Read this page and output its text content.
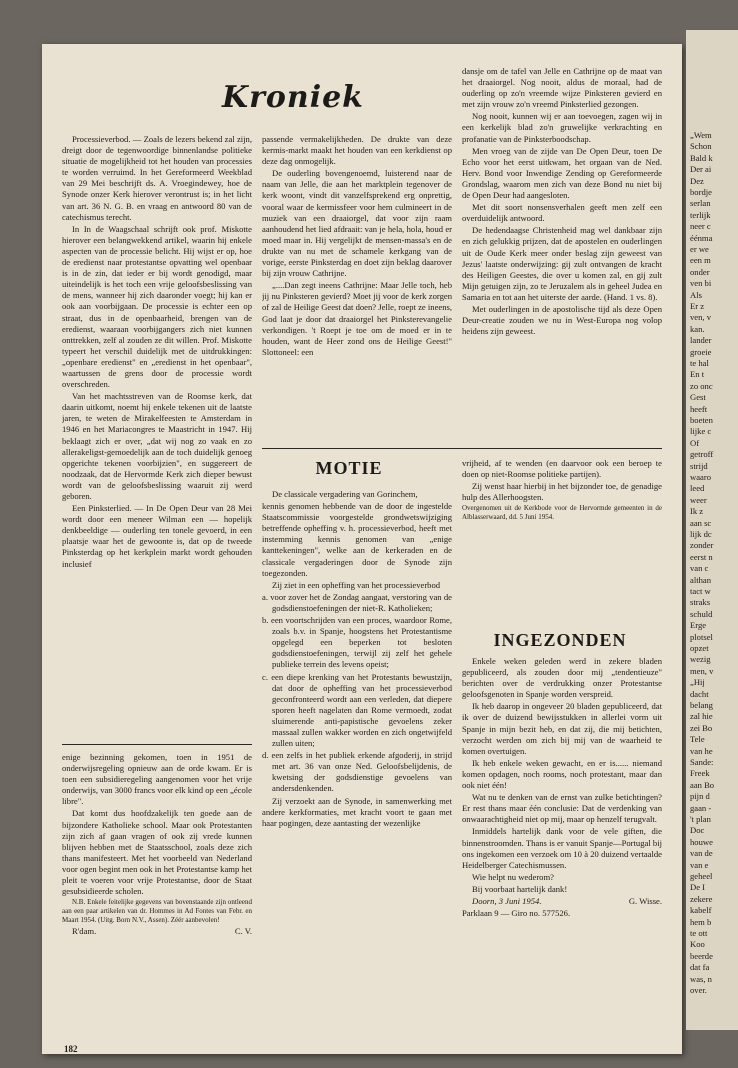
Kroniek

Processieverbod. — Zoals de lezers bekend zal zijn, dreigt door de tegenwoordige binnenlandse politieke situatie de mogelijkheid tot het houden van processies te worden verruimd. In het Gereformeerd Weekblad van 29 Mei beschrijft ds. A. Vroegindewey, hoe de Synode onzer Kerk hierover verontrust is; in het licht van art. 36 N. G. B. en vraag en antwoord 80 van de catechismus terecht.

In In de Waagschaal schrijft ook prof. Miskotte hierover een belangwekkend artikel, waarin hij enkele aspecten van de processie belicht. Hij wijst er op, hoe de eredienst naar protestantse opvatting wel openbaar is in de zin, dat ieder er bij wordt genodigd, maar uiteindelijk is het toch een vrije geloofsbeslissing van de mens, wanneer hij zich daaronder voegt; hij kan er ook aan voorbijgaan. De processie is echter een op straat, dus in de openbaarheid, brengen van de eredienst, waaraan voorbijgangers zich niet kunnen onttrekken, zelf al zouden ze dit willen. Prof. Miskotte typeert het verschil duidelijk met de uitdrukkingen: „openbare eredienst" en „eredienst in het openbaar", waartussen de grens door de processie wordt overschreden.

Van het machtsstreven van de Roomse kerk, dat daarin uitkomt, noemt hij enkele tekenen uit de laatste jaren, te weten de Mirakelfeesten te Amsterdam in 1946 en het Mariacongres te Maastricht in 1947. Hij beklaagt zich er over, „dat wij nog zo vaak en zo allerakeligst-gemoedelijk aan de toch duidelijk genoeg opgerichte tekenen voorbijzien", en suggereert de noodzaak, dat de Hervormde Kerk zich dieper bewust wordt van de geloofsbeslissing waaruit zij werd geboren.

Een Pinksterlied. — In De Open Deur van 28 Mei wordt door een meneer Wilman een — hopelijk denkbeeldige — ouderling ten tonele gevoerd, in een plaatsje waar het de gewoonte is, dat op de tweede Pinksterdag op het kerkplein markt wordt gehouden inclusief

passende vermakelijkheden. De drukte van deze kermis-markt maakt het houden van een kerkdienst op deze dag onmogelijk.

De ouderling bovengenoemd, luisterend naar de naam van Jelle, die aan het marktplein tegenover de kerk woont, vindt dit vanzelfsprekend erg onprettig, vooral waar de kermissfeer voor hem culmineert in de muziek van een draaiorgel, dat voor zijn raam aanhoudend het lied afdraait: van je hela, hola, houd er moed maar in. Hij vergelijkt de mensen-massa's en de drukte van nu met de schamele kerkgang van de vorige, eerste Pinksterdag en doet zijn beklag daarover bij zijn vrouw Cathrijne.

„....Dan zegt ineens Cathrijne: Maar Jelle toch, heb jij nu Pinksteren gevierd? Moet jij voor de kerk zorgen of zal de Heilige Geest dat doen? Jelle, roept ze ineens, God laat je door dat draaiorgel het Pinksterevangelie verkondigen. 't Roept je toe om de moed er in te houden, want de Heer zond ons de Heilige Geest!" Slottoneel: een

dansje om de tafel van Jelle en Cathrijne op de maat van het draaiorgel. Nog nooit, aldus de moraal, had de ouderling op zo'n vreemde wijze Pinksteren gevierd en met zijn vrouw zo'n vreemd Pinksterlied gezongen.

Nog nooit, kunnen wij er aan toevoegen, zagen wij in een kerkelijk blad zo'n gruwelijke verkrachting en profanatie van de Pinksterboodschap.

Men vroeg van de zijde van De Open Deur, toen De Echo voor het eerst uitkwam, het orgaan van de Ned. Herv. Bond voor Inwendige Zending op Gereformeerde Grondslag, waarom men zich van deze Bond nu niet bij de Open Deur had aangesloten.

Met dit soort nonsensverhalen geeft men zelf een overduidelijk antwoord.

De hedendaagse Christenheid mag wel dankbaar zijn en zich gelukkig prijzen, dat de apostelen en ouderlingen uit de Oude Kerk meer onder beslag zijn geweest van Jezus' laatste onderwijzing: gij zult ontvangen de kracht des Heiligen Geestes, die over u komen zal, en gij zult Mijn getuigen zijn, zo te Jeruzalem als in geheel Judea en Samaria en tot aan het uiterste der aarde. (Hand. 1 vs. 8).

Met ouderlingen in de apostolische tijd als deze Open Deur-creatie zouden we nu in West-Europa nog volop heidens zijn geweest.

MOTIE

enige bezinning gekomen, toen in 1951 de onderwijsregeling opnieuw aan de orde kwam. Er is toen een subsidieregeling aangenomen voor het vrije onderwijs, van 3000 francs voor elk kind op een „école libre".

Dat komt dus hoofdzakelijk ten goede aan de bijzondere Katholieke school. Maar ook Protestanten zijn zich af gaan vragen of ook zij vrede kunnen blijven hebben met de Staatsschool, zoals deze zich thans manifesteert. Met het voorbeeld van Nederland voor ogen begint men ook in het Protestantse kamp het pleit te voeren voor vrije Protestantse, door de Staat gesubsidieerde scholen.

N.B. Enkele feitelijke gegevens van bovenstaande zijn ontleend aan een paar artikelen van dr. Hommes in Ad Fontes van Febr. en Maart 1954. (Uitg. Born N.V., Assen). Zéér aanbevolen!

R'dam.	C. V.

De classicale vergadering van Gorinchem,

kennis genomen hebbende van de door de ingestelde Staatscommissie voorgestelde grondwetswijziging betreffende opheffing v. h. processieverbod, heeft met instemming kennis genomen van „enige kanttekeningen", welke aan de kerkeraden en de classicale vergaderingen door de Synode zijn toegezonden.

Zij ziet in een opheffing van het processieverbod

a. voor zover het de Zondag aangaat, verstoring van de godsdienstoefeningen der niet-R. Katholieken;

b. een voortschrijden van een proces, waardoor Rome, zoals b.v. in Spanje, hoogstens het Protestantisme opgelegd een beperken tot besloten godsdienstoefeningen, terwijl zij zelf het gehele publieke terrein des levens opeist;

c. een diepe krenking van het Protestants bewustzijn, dat door de opheffing van het processieverbod geconfronteerd wordt aan een verleden, dat diepere sporen heeft nagelaten dan Rome vermoedt, zodat sluimerende anti-papistische gevoelens zeker massaal zullen wakker worden en zich ongetwijfeld zullen uiten;

d. een zelfs in het publiek erkende afgoderij, in strijd met art. 36 van onze Ned. Geloofsbelijdenis, de kwetsing der godsdienstige gevoelens van andersdenkenden.

Zij verzoekt aan de Synode, in samenwerking met andere kerkformaties, met kracht voort te gaan met haar pogingen, deze aantasting der wezenlijke

vrijheid, af te wenden (en daarvoor ook een beroep te doen op niet-Roomse politieke partijen).

Zij wenst haar hierbij in het bijzonder toe, de genadige hulp des Allerhoogsten.

Overgenomen uit de Kerkbode voor de Hervormde gemeenten in de Alblasserwaard, dd. 5 Juni 1954.

INGEZONDEN

Enkele weken geleden werd in zekere bladen gepubliceerd, als zouden door mij „tendentieuze" berichten over de verdrukking onzer Protestantse geloofsgenoten in Spanje worden verspreid.

Ik heb daarop in ongeveer 20 bladen gepubliceerd, dat ik over de duizend bewijsstukken in allerlei vorm uit Spanje in mijn bezit heb, en dat zij, die mij betichten, verzocht werden om zich bij mij van de waarheid te komen overtuigen.

Ik heb enkele weken gewacht, en er is...... niemand komen opdagen, noch rooms, noch protestant, maar dan ook niet één!

Wat nu te denken van de ernst van zulke betichtingen? Er rest thans maar één conclusie: Dat de verdenking van onwaarachtigheid niet op mij, maar op henzelf terugvalt.

Inmiddels hartelijk dank voor de vele giften, die binnenstroomden. Thans is er vanuit Spanje—Portugal bij ons ingekomen een verzoek om 10 à 20 duizend vertaalde Heidelberger Catechismussen.

Wie helpt nu wederom?

Bij voorbaat hartelijk dank!

Doorn, 3 Juni 1954.	G. Wisse.

Parklaan 9 — Giro no. 577526.

182
„Wem
Schon
Bald k
Der ai
Dez
bordje
serlan
terlijk
neer c
éénma
er we
een m
onder
ven bi
Als
Er z
ven, v
kan.
lander
groeie
te hal
En t
zo onc
Gest
heeft
boeten
lijke c
Of
getroff
strijd
waaro
leed
weer
Ik z
aan sc
lijk dc
zonder
eerst n
van c
althan
tact w
straks
schuld
Erge
plotsel
opzet
wezig
men, v
„Hij
dacht
belang
zal hie
zei Bo
Tele
van he
Sande:
Freek
aan Bo
pijn d
gaan -
't plan
Doc
houwe
van de
van e
geheel
De I
zekere
kabelf
hem b
te ott
Koo
beerde
dat fa
was, n
over.
